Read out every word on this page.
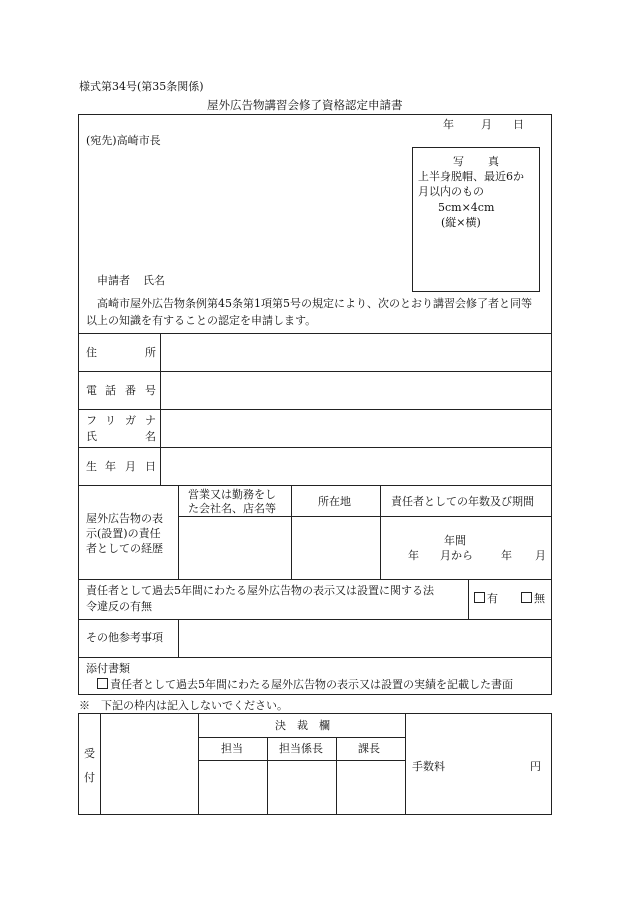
様式第34号(第35条関係)
屋外広告物講習会修了資格認定申請書
年 月 日
(宛先)高崎市長
写 真
上半身脱帽、最近6か
月以内のもの
5cm×4cm
(縦×横)
申請者 氏名
高崎市屋外広告物条例第45条第1項第5号の規定により、次のとおり講習会修了者と同等
以上の知識を有することの認定を申請します。
住	所
電 話 番 号
フ リ ガ ナ
氏	名
生 年 月 日
屋外広告物の表
示(設置)の責任
者としての経歴
営業又は勤務をし
た会社名、店名等
所在地	責任者としての年数及び期間
年間
年 月から	年 月
責任者として過去5年間にわたる屋外広告物の表示又は設置に関する法
令違反の有無
有	無
その他参考事項
添付書類
責任者として過去5年間にわたる屋外広告物の表示又は設置の実績を記載した書面
※　下記の枠内は記入しないでください。
受
付
決　裁　欄
担当	担当係長	課長
手数料	円
